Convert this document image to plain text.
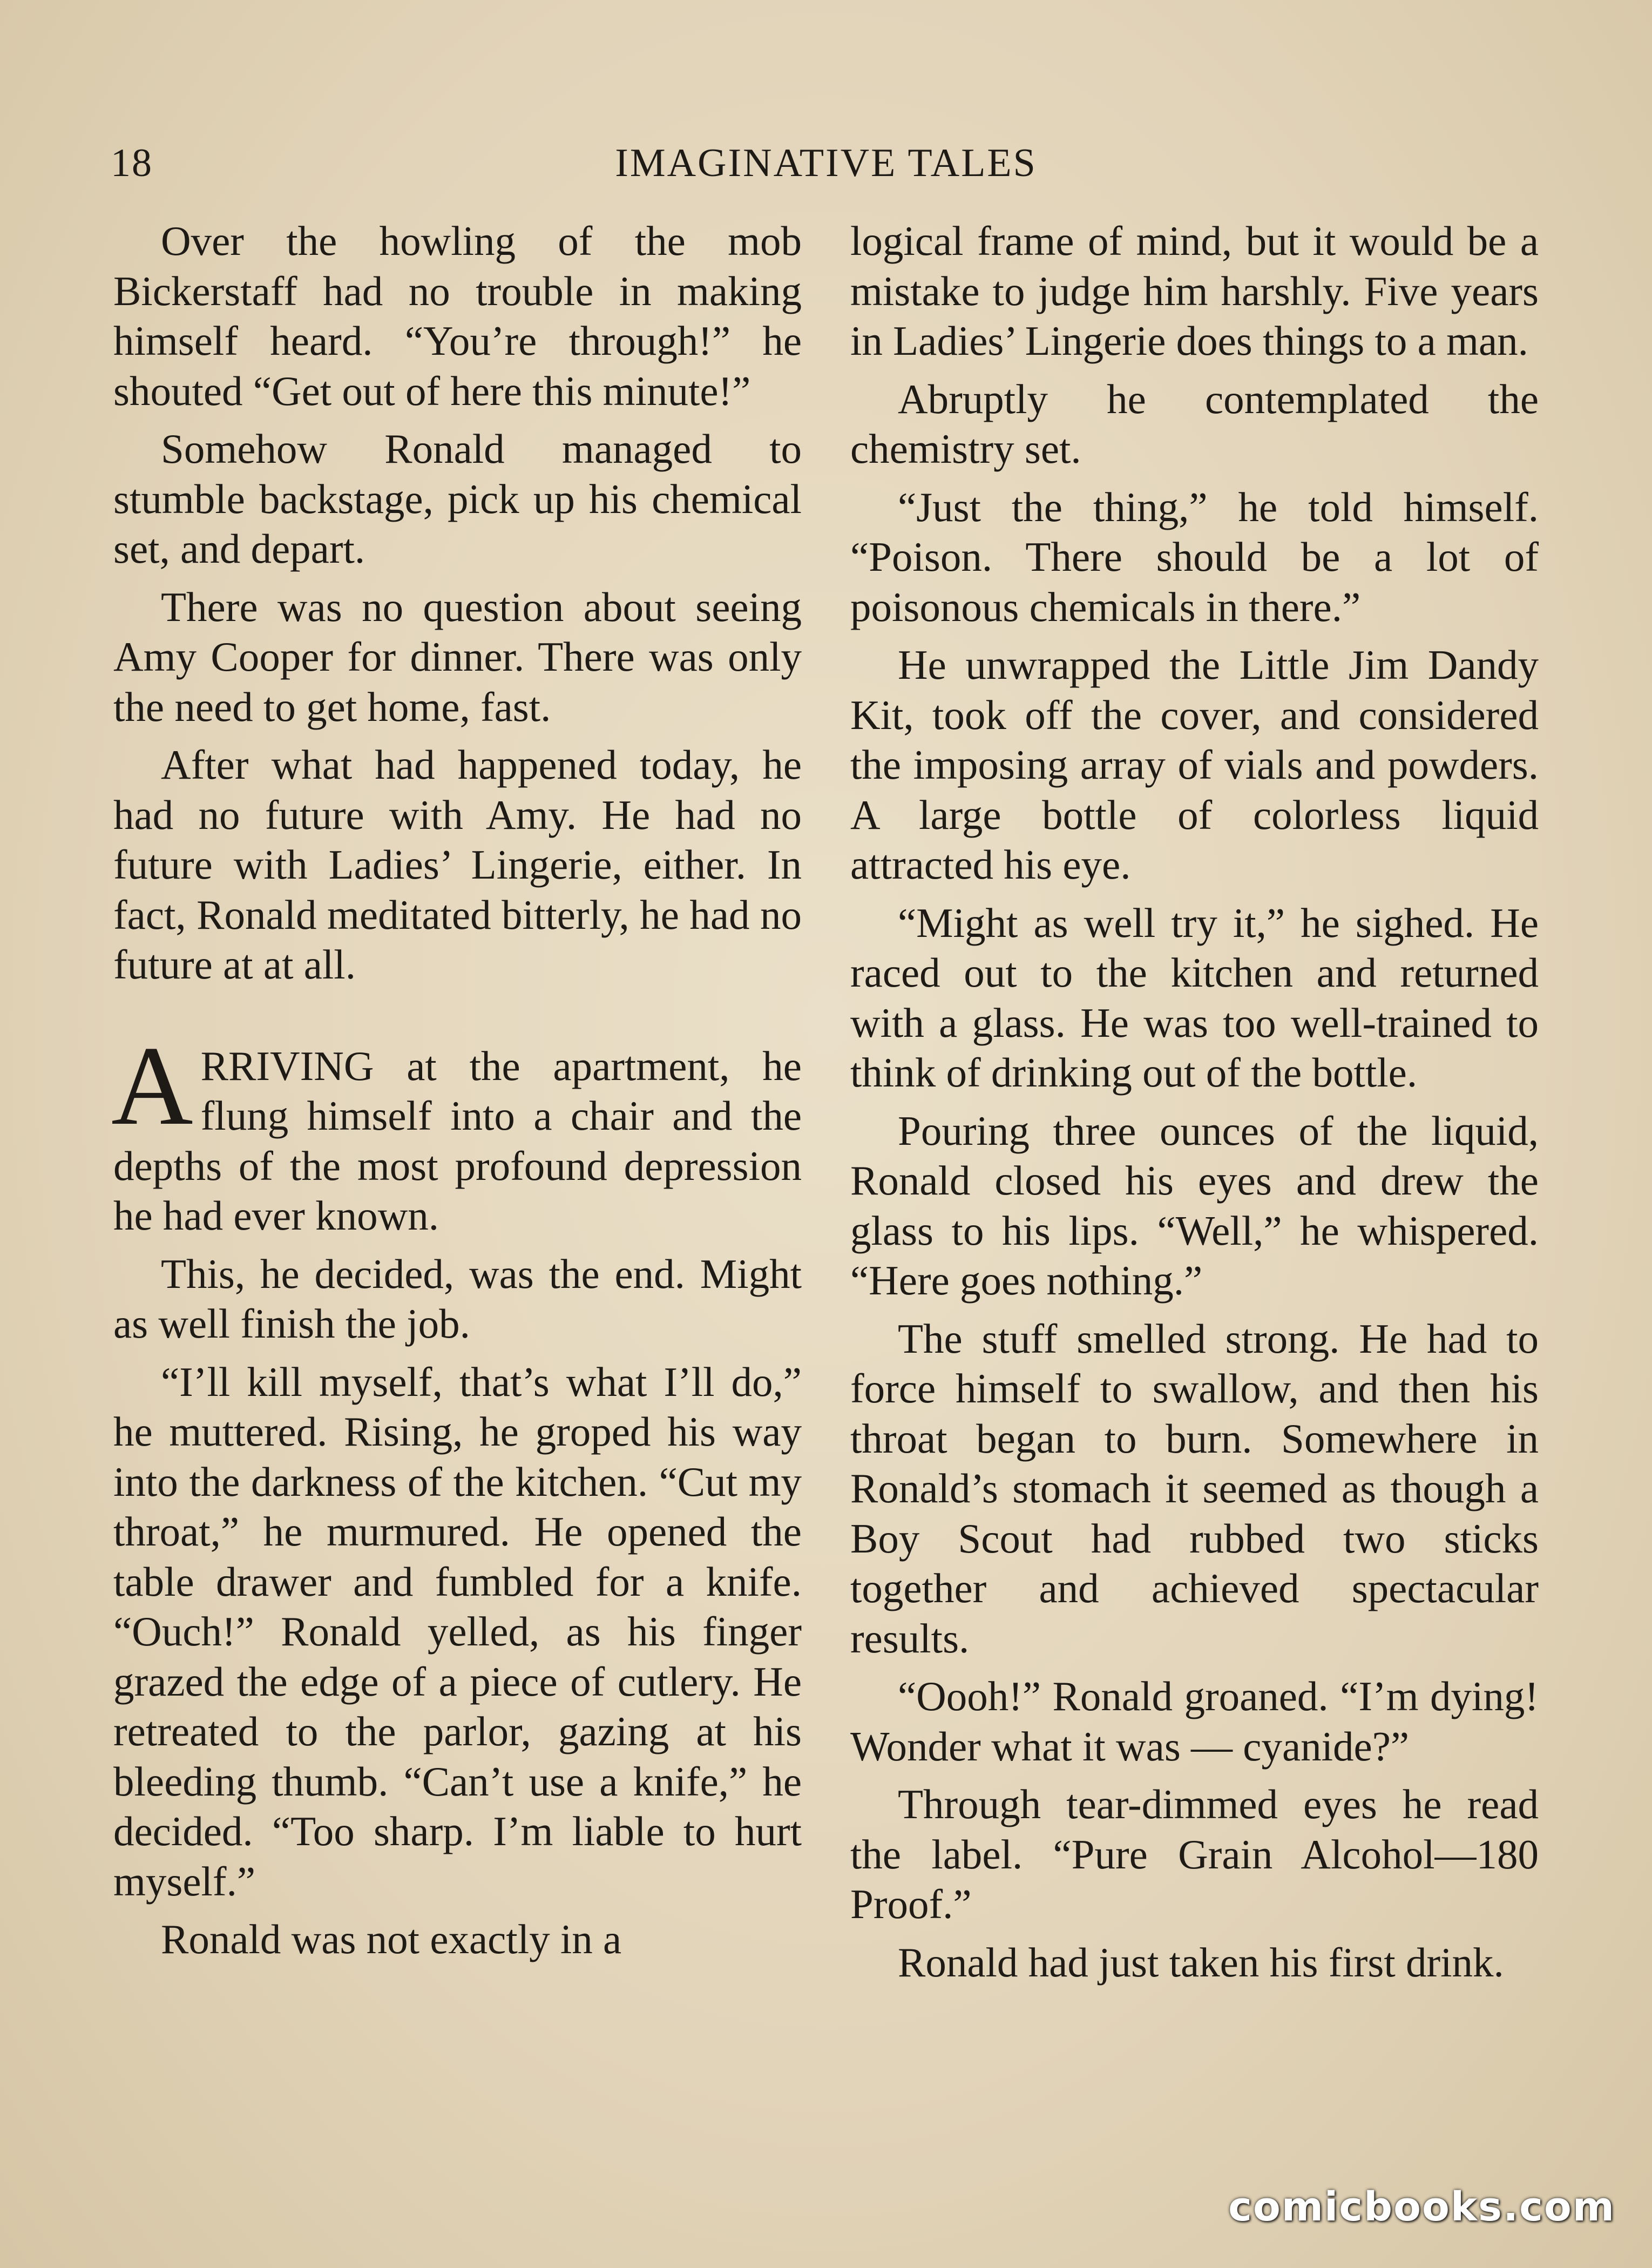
18	IMAGINATIVE TALES

Over the howling of the mob Bickerstaff had no trouble in making himself heard. “You’re through!” he shouted “Get out of here this minute!”

Somehow Ronald managed to stumble backstage, pick up his chemical set, and depart.

There was no question about seeing Amy Cooper for dinner. There was only the need to get home, fast.

After what had happened today, he had no future with Amy. He had no future with Ladies’ Lingerie, either. In fact, Ronald meditated bitterly, he had no future at at all.

ARRIVING at the apartment, he flung himself into a chair and the depths of the most profound depression he had ever known.

This, he decided, was the end. Might as well finish the job.

“I’ll kill myself, that’s what I’ll do,” he muttered. Rising, he groped his way into the darkness of the kitchen. “Cut my throat,” he murmured. He opened the table drawer and fumbled for a knife. “Ouch!” Ronald yelled, as his finger grazed the edge of a piece of cutlery. He retreated to the parlor, gazing at his bleeding thumb. “Can’t use a knife,” he decided. “Too sharp. I’m liable to hurt myself.”

Ronald was not exactly in a

logical frame of mind, but it would be a mistake to judge him harshly. Five years in Ladies’ Lingerie does things to a man.

Abruptly he contemplated the chemistry set.

“Just the thing,” he told himself. “Poison. There should be a lot of poisonous chemicals in there.”

He unwrapped the Little Jim Dandy Kit, took off the cover, and considered the imposing array of vials and powders. A large bottle of colorless liquid attracted his eye.

“Might as well try it,” he sighed. He raced out to the kitchen and returned with a glass. He was too well-trained to think of drinking out of the bottle.

Pouring three ounces of the liquid, Ronald closed his eyes and drew the glass to his lips. “Well,” he whispered. “Here goes nothing.”

The stuff smelled strong. He had to force himself to swallow, and then his throat began to burn. Somewhere in Ronald’s stomach it seemed as though a Boy Scout had rubbed two sticks together and achieved spectacular results.

“Oooh!” Ronald groaned. “I’m dying! Wonder what it was — cyanide?”

Through tear-dimmed eyes he read the label. “Pure Grain Alcohol—180 Proof.”

Ronald had just taken his first drink.

comicbooks.com
